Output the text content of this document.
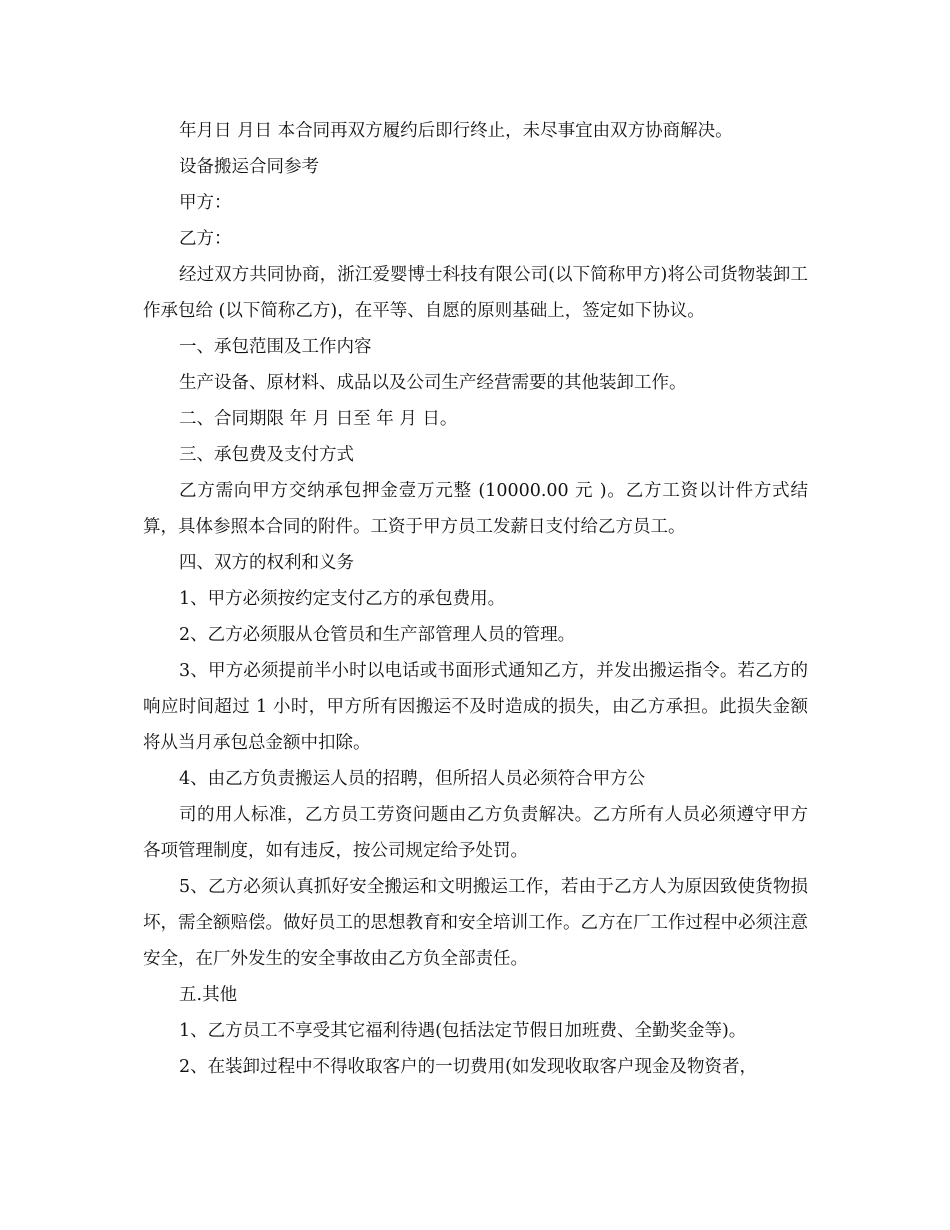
年月日 月日 本合同再双方履约后即行终止，未尽事宜由双方协商解决。

设备搬运合同参考

甲方：

乙方：

经过双方共同协商，浙江爱婴博士科技有限公司(以下简称甲方)将公司货物装卸工作承包给 (以下简称乙方)，在平等、自愿的原则基础上，签定如下协议。

一、承包范围及工作内容

生产设备、原材料、成品以及公司生产经营需要的其他装卸工作。

二、合同期限 年 月 日至 年 月 日。

三、承包费及支付方式

乙方需向甲方交纳承包押金壹万元整 (10000.00 元 )。乙方工资以计件方式结算，具体参照本合同的附件。工资于甲方员工发薪日支付给乙方员工。

四、双方的权利和义务

1、甲方必须按约定支付乙方的承包费用。

2、乙方必须服从仓管员和生产部管理人员的管理。

3、甲方必须提前半小时以电话或书面形式通知乙方，并发出搬运指令。若乙方的响应时间超过 1 小时，甲方所有因搬运不及时造成的损失，由乙方承担。此损失金额将从当月承包总金额中扣除。

4、由乙方负责搬运人员的招聘，但所招人员必须符合甲方公

司的用人标准，乙方员工劳资问题由乙方负责解决。乙方所有人员必须遵守甲方各项管理制度，如有违反，按公司规定给予处罚。

5、乙方必须认真抓好安全搬运和文明搬运工作，若由于乙方人为原因致使货物损坏，需全额赔偿。做好员工的思想教育和安全培训工作。乙方在厂工作过程中必须注意安全，在厂外发生的安全事故由乙方负全部责任。

五.其他

1、乙方员工不享受其它福利待遇(包括法定节假日加班费、全勤奖金等)。

2、在装卸过程中不得收取客户的一切费用(如发现收取客户现金及物资者，
